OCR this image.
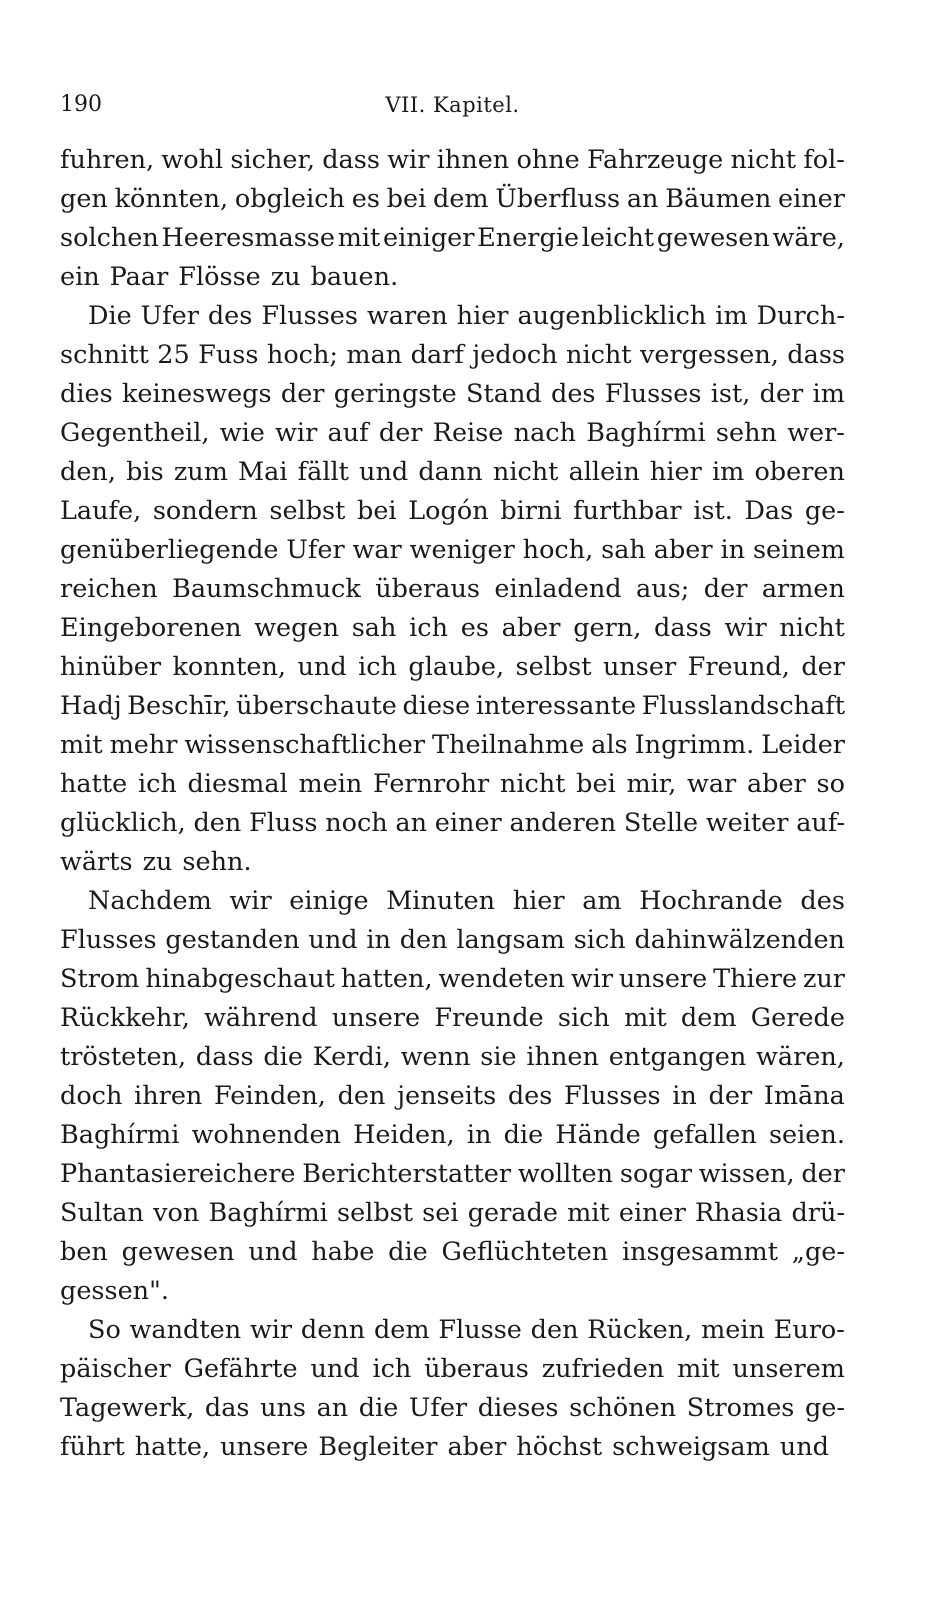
190	VII. Kapitel.
fuhren, wohl sicher, dass wir ihnen ohne Fahrzeuge nicht fol-
gen könnten, obgleich es bei dem Überfluss an Bäumen einer
solchen Heeresmasse mit einiger Energie leicht gewesen wäre,
ein Paar Flösse zu bauen.
Die Ufer des Flusses waren hier augenblicklich im Durch-
schnitt 25 Fuss hoch; man darf jedoch nicht vergessen, dass
dies keineswegs der geringste Stand des Flusses ist, der im
Gegentheil, wie wir auf der Reise nach Baghírmi sehn wer-
den, bis zum Mai fällt und dann nicht allein hier im oberen
Laufe, sondern selbst bei Logón birni furthbar ist. Das ge-
genüberliegende Ufer war weniger hoch, sah aber in seinem
reichen Baumschmuck überaus einladend aus; der armen
Eingeborenen wegen sah ich es aber gern, dass wir nicht
hinüber konnten, und ich glaube, selbst unser Freund, der
Hadj Beschīr, überschaute diese interessante Flusslandschaft
mit mehr wissenschaftlicher Theilnahme als Ingrimm. Leider
hatte ich diesmal mein Fernrohr nicht bei mir, war aber so
glücklich, den Fluss noch an einer anderen Stelle weiter auf-
wärts zu sehn.
Nachdem wir einige Minuten hier am Hochrande des
Flusses gestanden und in den langsam sich dahinwälzenden
Strom hinabgeschaut hatten, wendeten wir unsere Thiere zur
Rückkehr, während unsere Freunde sich mit dem Gerede
trösteten, dass die Kerdi, wenn sie ihnen entgangen wären,
doch ihren Feinden, den jenseits des Flusses in der Imāna
Baghírmi wohnenden Heiden, in die Hände gefallen seien.
Phantasiereichere Berichterstatter wollten sogar wissen, der
Sultan von Baghírmi selbst sei gerade mit einer Rhasia drü-
ben gewesen und habe die Geflüchteten insgesammt „ge-
gessen".
So wandten wir denn dem Flusse den Rücken, mein Euro-
päischer Gefährte und ich überaus zufrieden mit unserem
Tagewerk, das uns an die Ufer dieses schönen Stromes ge-
führt hatte, unsere Begleiter aber höchst schweigsam und
